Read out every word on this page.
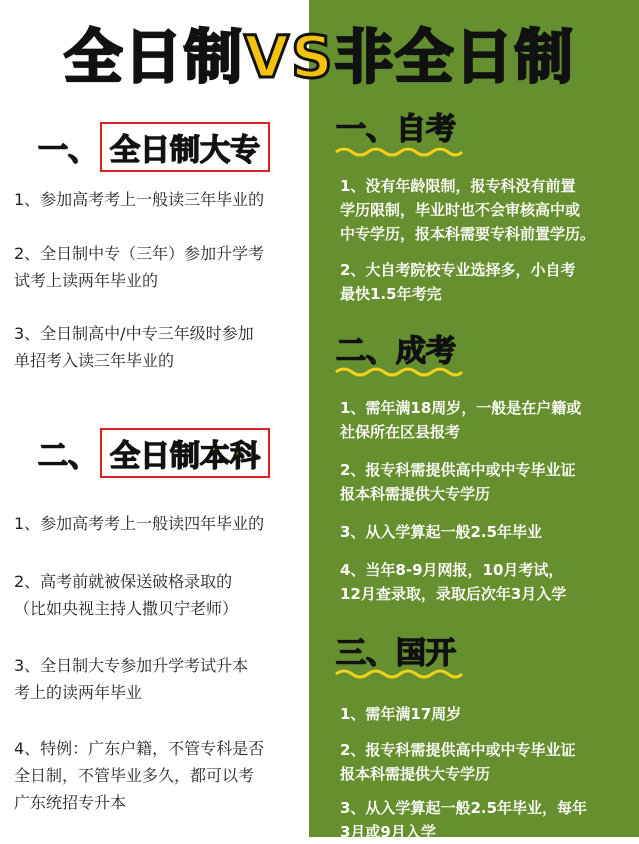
全日制VS非全日制
一、 全日制大专
1、参加高考考上一般读三年毕业的
2、全日制中专（三年）参加升学考
试考上读两年毕业的
3、全日制高中/中专三年级时参加
单招考入读三年毕业的
二、 全日制本科
1、参加高考考上一般读四年毕业的
2、高考前就被保送破格录取的
（比如央视主持人撒贝宁老师）
3、全日制大专参加升学考试升本
考上的读两年毕业
4、特例：广东户籍，不管专科是否
全日制，不管毕业多久，都可以考
广东统招专升本
一、自考
1、没有年龄限制，报专科没有前置
学历限制，毕业时也不会审核高中或
中专学历，报本科需要专科前置学历。
2、大自考院校专业选择多，小自考
最快1.5年考完
二、成考
1、需年满18周岁，一般是在户籍或
社保所在区县报考
2、报专科需提供高中或中专毕业证
报本科需提供大专学历
3、从入学算起一般2.5年毕业
4、当年8-9月网报，10月考试，
12月查录取，录取后次年3月入学
三、国开
1、需年满17周岁
2、报专科需提供高中或中专毕业证
报本科需提供大专学历
3、从入学算起一般2.5年毕业，每年
3月或9月入学
